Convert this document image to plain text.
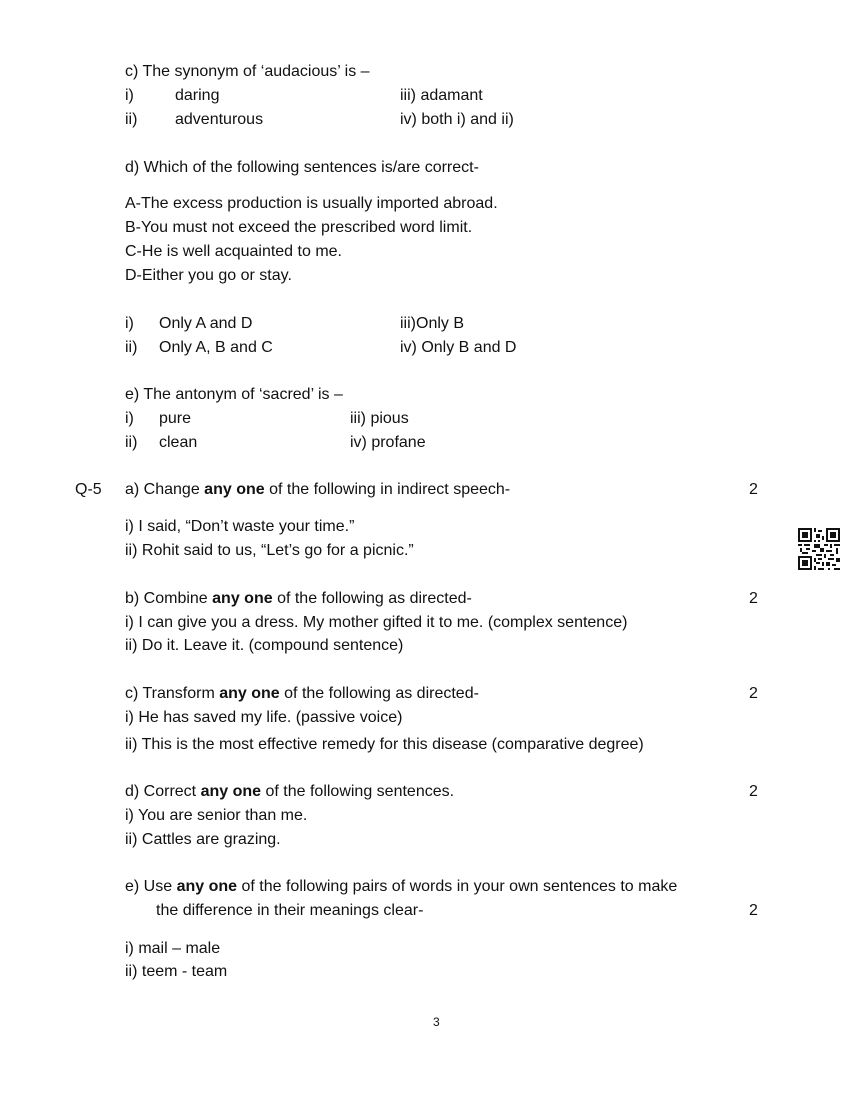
c) The synonym of ‘audacious’ is –
i)	daring	iii) adamant
ii) adventurous	iv) both i) and ii)
d) Which of the following sentences is/are correct-
A-The excess production is usually imported abroad.
B-You must not exceed the prescribed word limit.
C-He is well acquainted to me.
D-Either you go or stay.
i) Only A and D	iii)Only B
ii) Only A, B and C	iv) Only B and D
e) The antonym of ‘sacred’ is –
i) pure	iii) pious
ii) clean	iv) profane
Q-5 a) Change any one of the following in indirect speech-	2
i) I said, “Don’t waste your time.”
ii) Rohit said to us, “Let’s go for a picnic.”
b) Combine any one of the following as directed-	2
i) I can give you a dress. My mother gifted it to me. (complex sentence)
ii) Do it. Leave it. (compound sentence)
c) Transform any one of the following as directed-	2
i) He has saved my life. (passive voice)
ii) This is the most effective remedy for this disease (comparative degree)
d) Correct any one of the following sentences.	2
i) You are senior than me.
ii) Cattles are grazing.
e) Use any one of the following pairs of words in your own sentences to make
the difference in their meanings clear-	2
i) mail – male
ii) teem - team
3
